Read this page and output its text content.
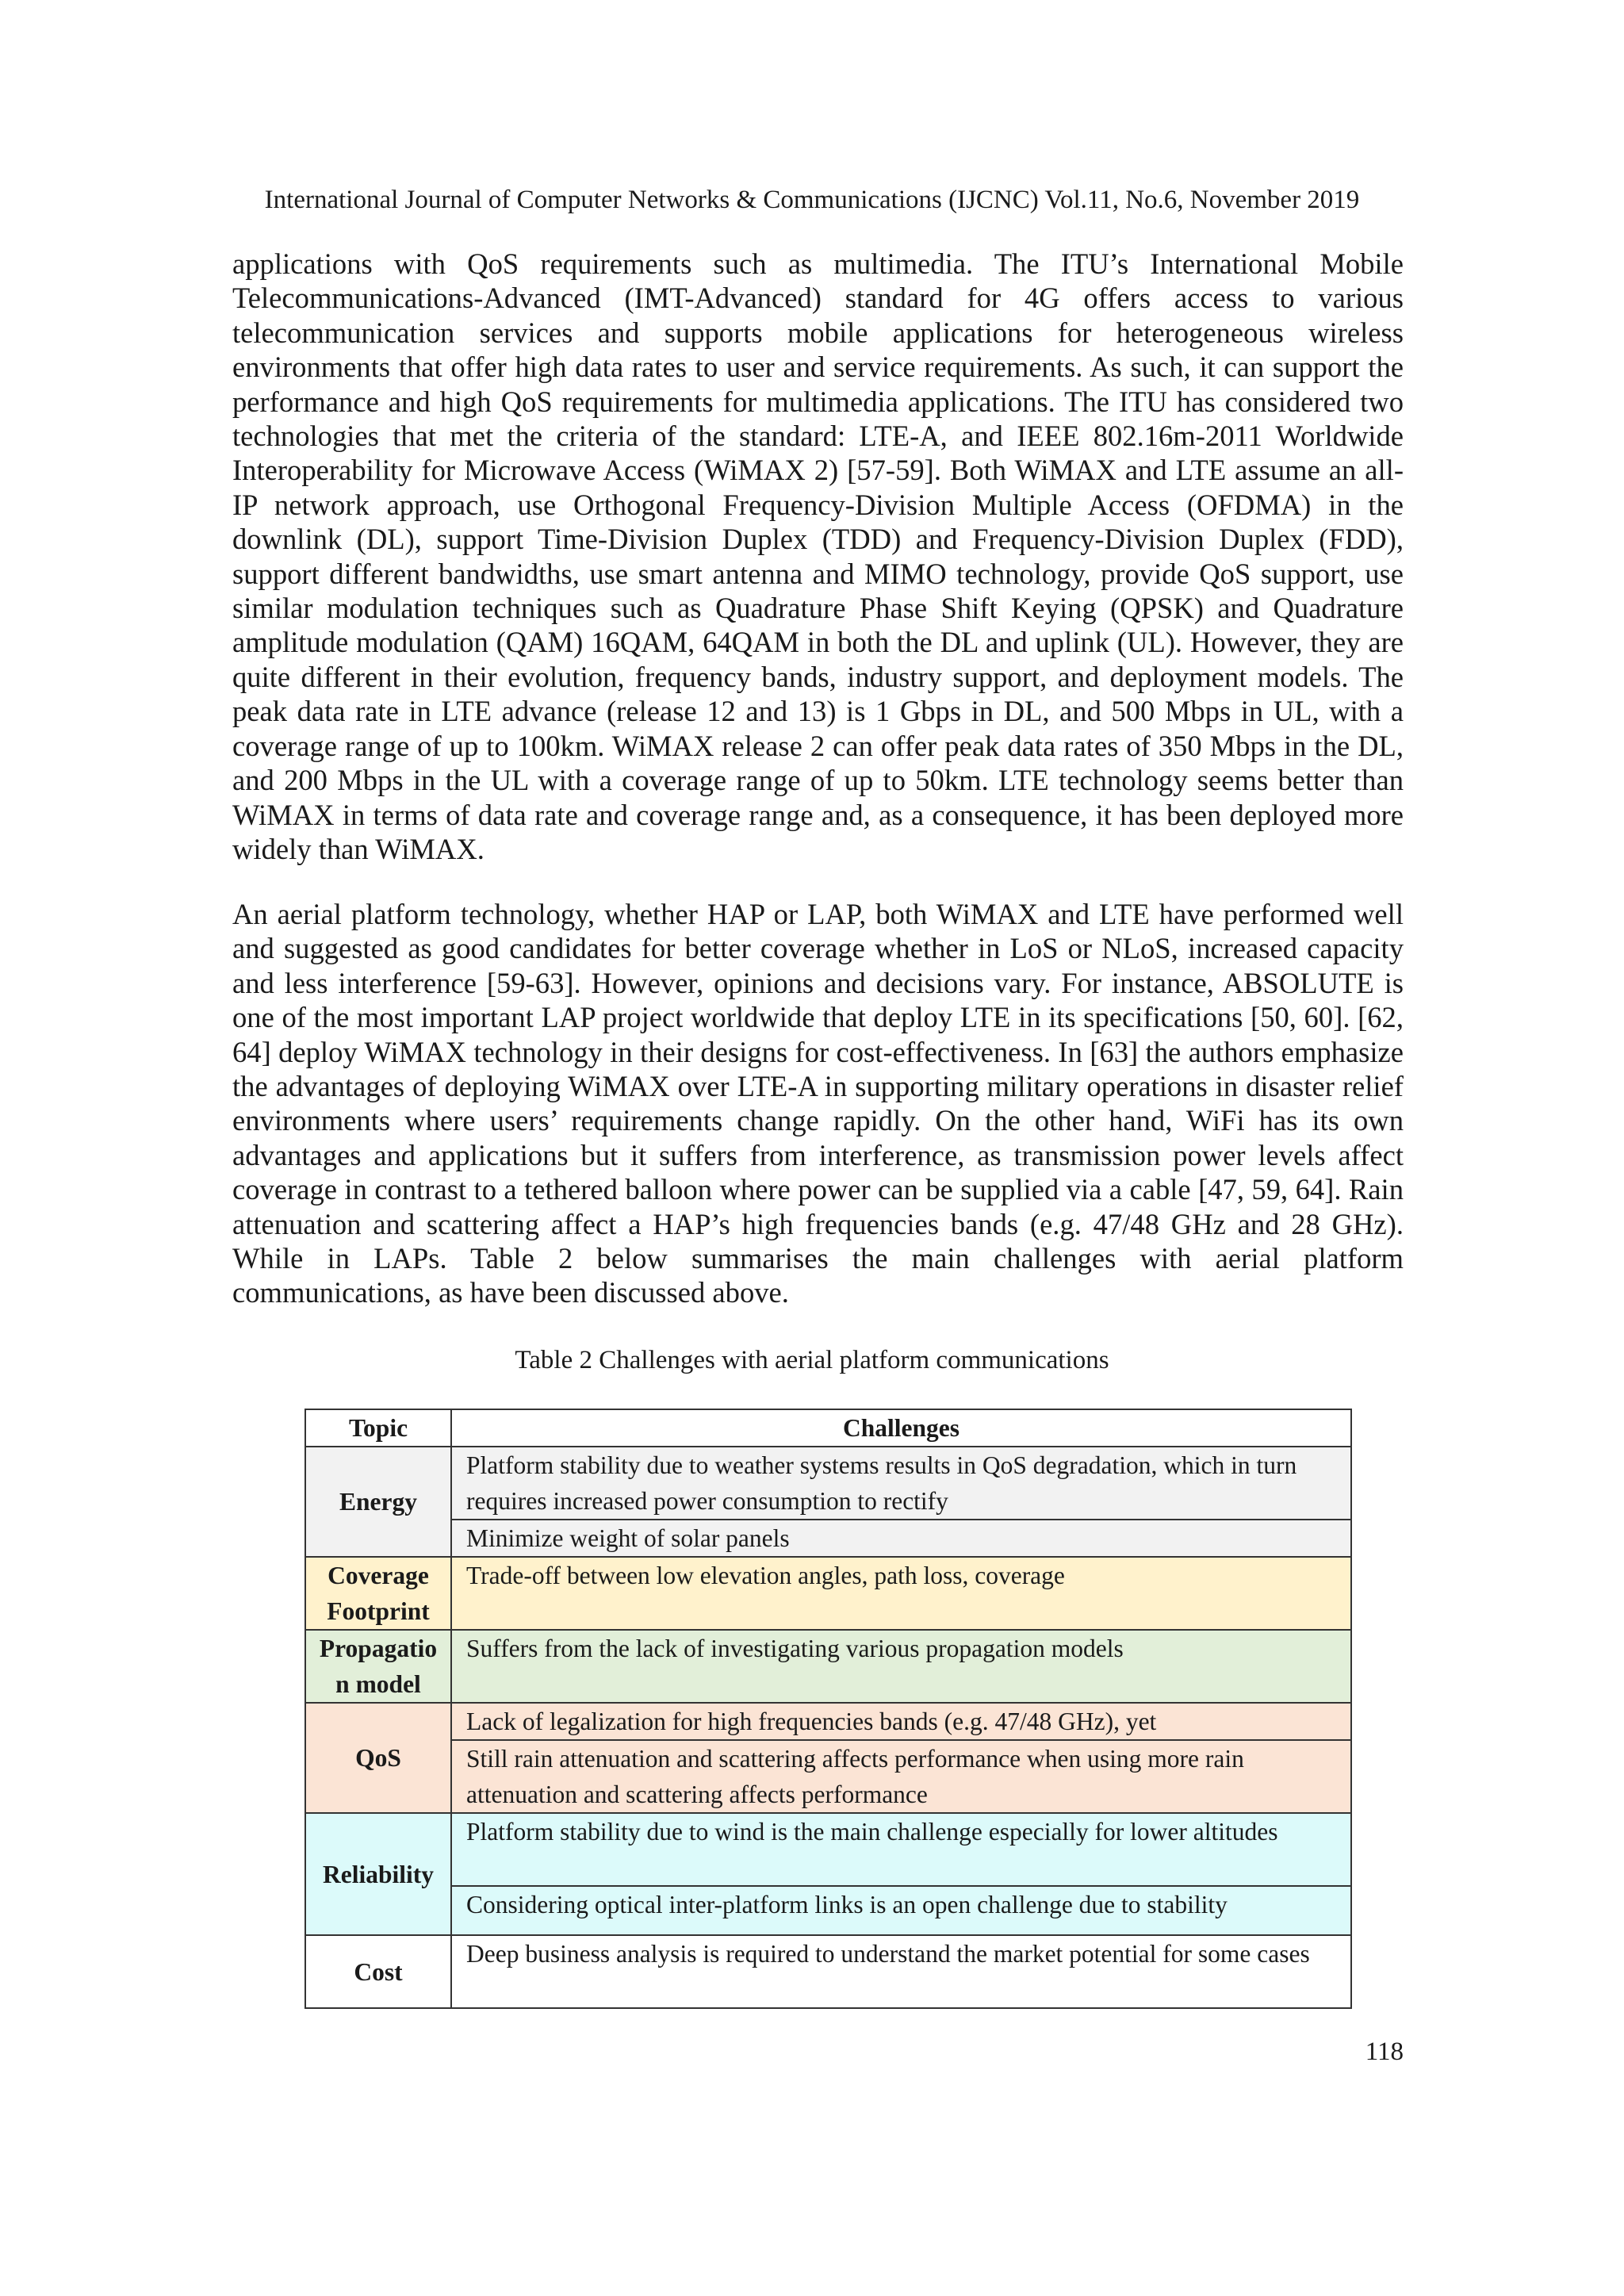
International Journal of Computer Networks & Communications (IJCNC) Vol.11, No.6, November 2019

applications with QoS requirements such as multimedia. The ITU’s International Mobile Telecommunications-Advanced (IMT-Advanced) standard for 4G offers access to various telecommunication services and supports mobile applications for heterogeneous wireless environments that offer high data rates to user and service requirements. As such, it can support the performance and high QoS requirements for multimedia applications. The ITU has considered two technologies that met the criteria of the standard: LTE-A, and IEEE 802.16m-2011 Worldwide Interoperability for Microwave Access (WiMAX 2) [57-59]. Both WiMAX and LTE assume an all-IP network approach, use Orthogonal Frequency-Division Multiple Access (OFDMA) in the downlink (DL), support Time-Division Duplex (TDD) and Frequency-Division Duplex (FDD), support different bandwidths, use smart antenna and MIMO technology, provide QoS support, use similar modulation techniques such as Quadrature Phase Shift Keying (QPSK) and Quadrature amplitude modulation (QAM) 16QAM, 64QAM in both the DL and uplink (UL). However, they are quite different in their evolution, frequency bands, industry support, and deployment models. The peak data rate in LTE advance (release 12 and 13) is 1 Gbps in DL, and 500 Mbps in UL, with a coverage range of up to 100km. WiMAX release 2 can offer peak data rates of 350 Mbps in the DL, and 200 Mbps in the UL with a coverage range of up to 50km. LTE technology seems better than WiMAX in terms of data rate and coverage range and, as a consequence, it has been deployed more widely than WiMAX.

An aerial platform technology, whether HAP or LAP, both WiMAX and LTE have performed well and suggested as good candidates for better coverage whether in LoS or NLoS, increased capacity and less interference [59-63]. However, opinions and decisions vary. For instance, ABSOLUTE is one of the most important LAP project worldwide that deploy LTE in its specifications [50, 60]. [62, 64] deploy WiMAX technology in their designs for cost-effectiveness. In [63] the authors emphasize the advantages of deploying WiMAX over LTE-A in supporting military operations in disaster relief environments where users’ requirements change rapidly. On the other hand, WiFi has its own advantages and applications but it suffers from interference, as transmission power levels affect coverage in contrast to a tethered balloon where power can be supplied via a cable [47, 59, 64]. Rain attenuation and scattering affect a HAP’s high frequencies bands (e.g. 47/48 GHz and 28 GHz). While in LAPs. Table 2 below summarises the main challenges with aerial platform communications, as have been discussed above.

Table 2 Challenges with aerial platform communications
Topic	Challenges
Energy	Platform stability due to weather systems results in QoS degradation, which in turn requires increased power consumption to rectify
	Minimize weight of solar panels
Coverage
Footprint	Trade-off between low elevation angles, path loss, coverage
Propagatio
n model	Suffers from the lack of investigating various propagation models
QoS	Lack of legalization for high frequencies bands (e.g. 47/48 GHz), yet
	Still rain attenuation and scattering affects performance when using more rain attenuation and scattering affects performance
Reliability	Platform stability due to wind is the main challenge especially for lower altitudes
	Considering optical inter-platform links is an open challenge due to stability
Cost	Deep business analysis is required to understand the market potential for some cases
118
